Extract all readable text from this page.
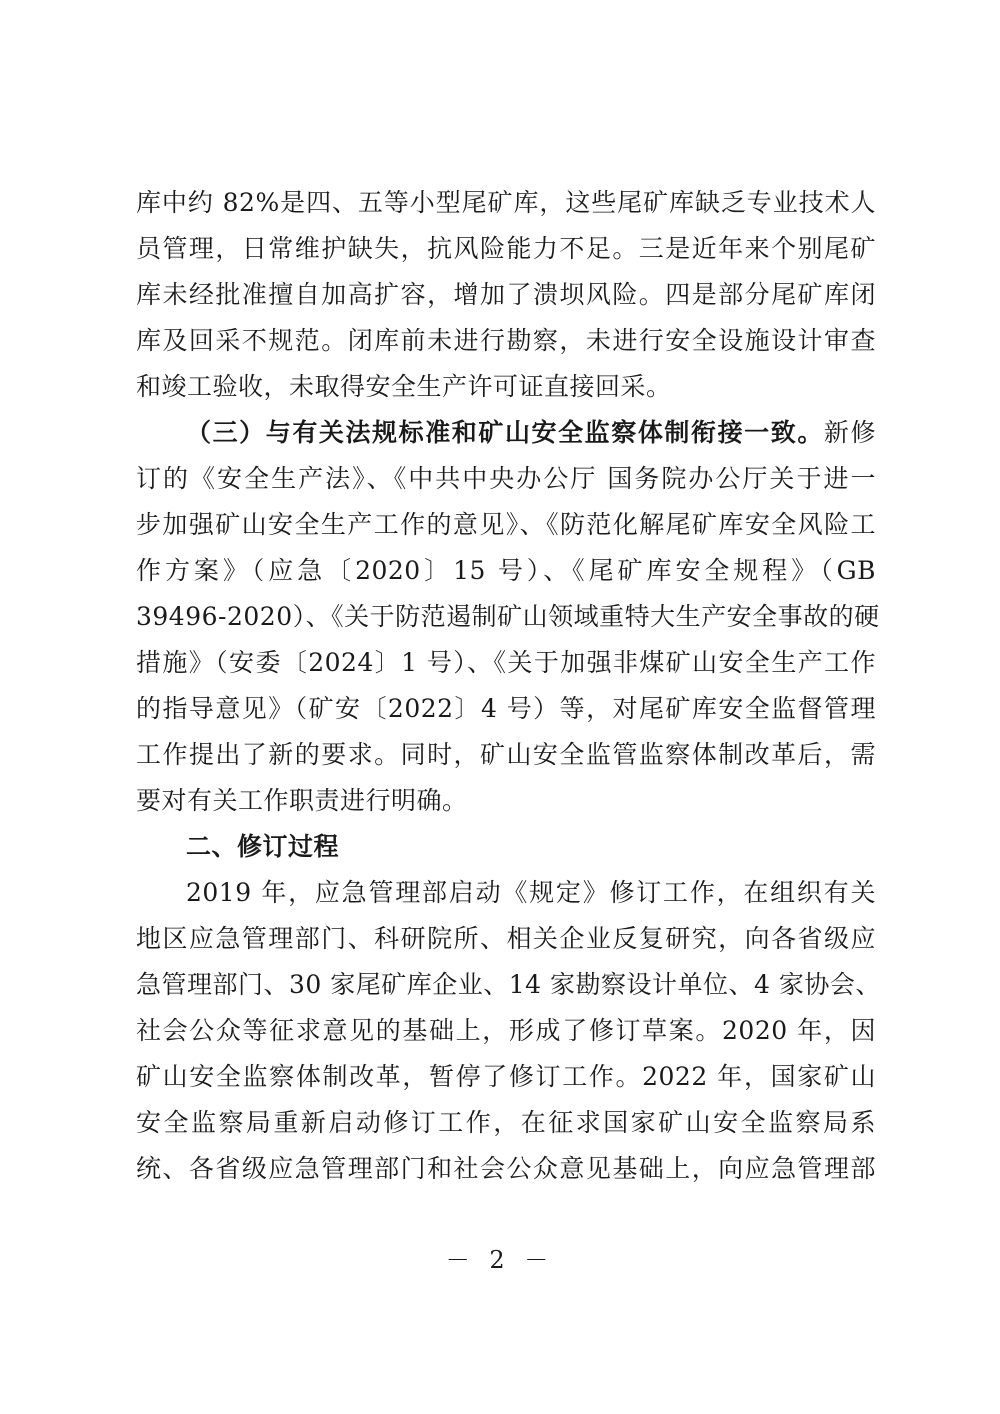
库中约 82%是四、五等小型尾矿库，这些尾矿库缺乏专业技术人
员管理，日常维护缺失，抗风险能力不足。三是近年来个别尾矿
库未经批准擅自加高扩容，增加了溃坝风险。四是部分尾矿库闭
库及回采不规范。闭库前未进行勘察，未进行安全设施设计审查
和竣工验收，未取得安全生产许可证直接回采。
（三）与有关法规标准和矿山安全监察体制衔接一致。新修
订的《安全生产法》、《中共中央办公厅 国务院办公厅关于进一
步加强矿山安全生产工作的意见》、《防范化解尾矿库安全风险工
作方案》（应急〔2020〕15 号）、《尾矿库安全规程》（GB
39496-2020）、《关于防范遏制矿山领域重特大生产安全事故的硬
措施》（安委〔2024〕1 号）、《关于加强非煤矿山安全生产工作
的指导意见》（矿安〔2022〕4 号）等，对尾矿库安全监督管理
工作提出了新的要求。同时，矿山安全监管监察体制改革后，需
要对有关工作职责进行明确。
二、修订过程
2019 年，应急管理部启动《规定》修订工作，在组织有关
地区应急管理部门、科研院所、相关企业反复研究，向各省级应
急管理部门、30 家尾矿库企业、14 家勘察设计单位、4 家协会、
社会公众等征求意见的基础上，形成了修订草案。2020 年，因
矿山安全监察体制改革，暂停了修订工作。2022 年，国家矿山
安全监察局重新启动修订工作，在征求国家矿山安全监察局系
统、各省级应急管理部门和社会公众意见基础上，向应急管理部
－ 2 －
